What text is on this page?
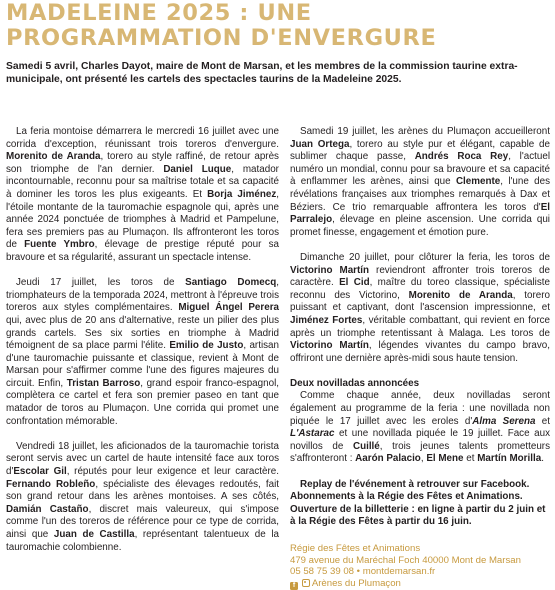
MADELEINE 2025 : UNE PROGRAMMATION D'ENVERGURE
Samedi 5 avril, Charles Dayot, maire de Mont de Marsan, et les membres de la commission taurine extra-municipale, ont présenté les cartels des spectacles taurins de la Madeleine 2025.

La feria montoise démarrera le mercredi 16 juillet avec une corrida d'exception, réunissant trois toreros d'envergure. Morenito de Aranda, torero au style raffiné, de retour après son triomphe de l'an dernier. Daniel Luque, matador incontournable, reconnu pour sa maîtrise totale et sa capacité à dominer les toros les plus exigeants. Et Borja Jiménez, l'étoile montante de la tauromachie espagnole qui, après une année 2024 ponctuée de triomphes à Madrid et Pampelune, fera ses premiers pas au Plumaçon. Ils affronteront les toros de Fuente Ymbro, élevage de prestige réputé pour sa bravoure et sa régularité, assurant un spectacle intense.

Jeudi 17 juillet, les toros de Santiago Domecq, triomphateurs de la temporada 2024, mettront à l'épreuve trois toreros aux styles complémentaires. Miguel Ángel Perera qui, avec plus de 20 ans d'alternative, reste un pilier des plus grands cartels. Ses six sorties en triomphe à Madrid témoignent de sa place parmi l'élite. Emilio de Justo, artisan d'une tauromachie puissante et classique, revient à Mont de Marsan pour s'affirmer comme l'une des figures majeures du circuit. Enfin, Tristan Barroso, grand espoir franco-espagnol, complètera ce cartel et fera son premier paseo en tant que matador de toros au Plumaçon. Une corrida qui promet une confrontation mémorable.

Vendredi 18 juillet, les aficionados de la tauromachie torista seront servis avec un cartel de haute intensité face aux toros d'Escolar Gil, réputés pour leur exigence et leur caractère. Fernando Robleño, spécialiste des élevages redoutés, fait son grand retour dans les arènes montoises. A ses côtés, Damián Castaño, discret mais valeureux, qui s'impose comme l'un des toreros de référence pour ce type de corrida, ainsi que Juan de Castilla, représentant talentueux de la tauromachie colombienne.

Samedi 19 juillet, les arènes du Plumaçon accueilleront Juan Ortega, torero au style pur et élégant, capable de sublimer chaque passe, Andrés Roca Rey, l'actuel numéro un mondial, connu pour sa bravoure et sa capacité à enflammer les arènes, ainsi que Clemente, l'une des révélations françaises aux triomphes remarqués à Dax et Béziers. Ce trio remarquable affrontera les toros d'El Parralejo, élevage en pleine ascension. Une corrida qui promet finesse, engagement et émotion pure.

Dimanche 20 juillet, pour clôturer la feria, les toros de Victorino Martín reviendront affronter trois toreros de caractère. El Cid, maître du toreo classique, spécialiste reconnu des Victorino, Morenito de Aranda, torero puissant et captivant, dont l'ascension impressionne, et Jiménez Fortes, véritable combattant, qui revient en force après un triomphe retentissant à Malaga. Les toros de Victorino Martín, légendes vivantes du campo bravo, offriront une dernière après-midi sous haute tension.

Deux novilladas annoncées

Comme chaque année, deux novilladas seront également au programme de la feria : une novillada non piquée le 17 juillet avec les eroles d'Alma Serena et L'Astarac et une novillada piquée le 19 juillet. Face aux novillos de Cuillé, trois jeunes talents prometteurs s'affronteront : Aarón Palacio, El Mene et Martín Morilla.

Replay de l'événement à retrouver sur Facebook. Abonnements à la Régie des Fêtes et Animations. Ouverture de la billetterie : en ligne à partir du 2 juin et à la Régie des Fêtes à partir du 16 juin.

Régie des Fêtes et Animations
479 avenue du Maréchal Foch 40000 Mont de Marsan
05 58 75 39 08 • montdemarsan.fr
f Arènes du Plumaçon
